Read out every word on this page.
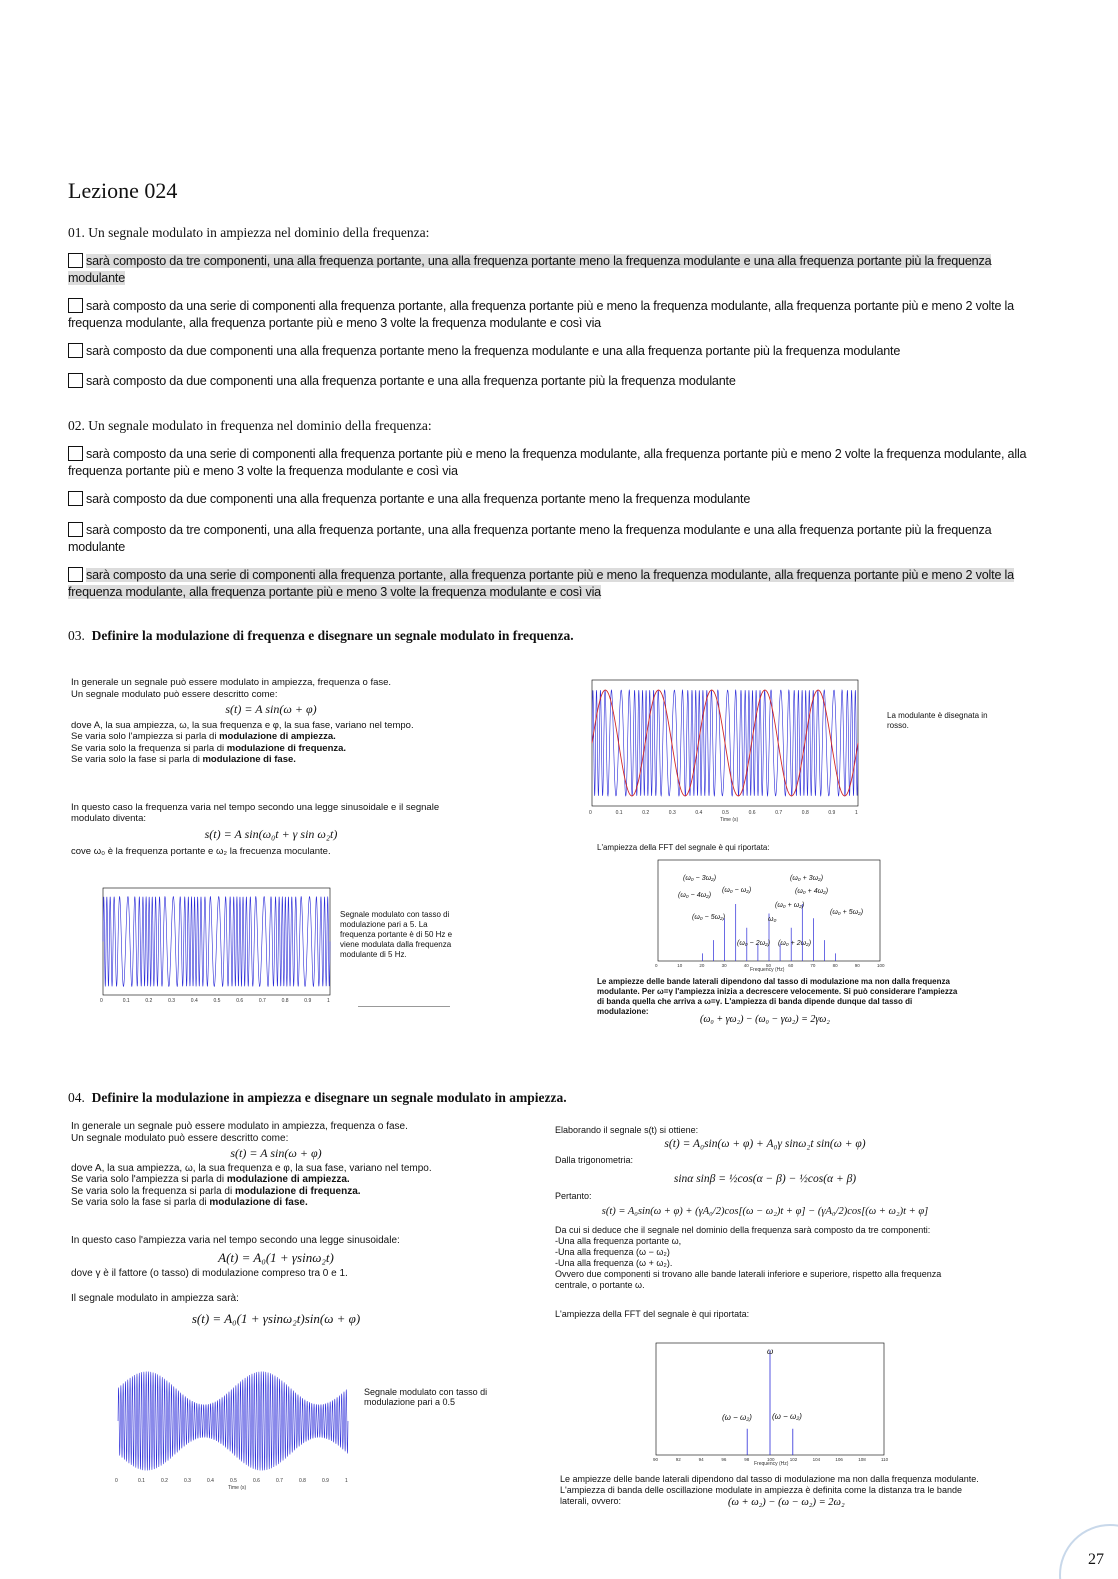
Lezione 024
01. Un segnale modulato in ampiezza nel dominio della frequenza:
sarà composto da tre componenti, una alla frequenza portante, una alla frequenza portante meno la frequenza modulante e una alla frequenza portante più la frequenza modulante
sarà composto da una serie di componenti alla frequenza portante, alla frequenza portante più e meno la frequenza modulante, alla frequenza portante più e meno 2 volte la frequenza modulante, alla frequenza portante più e meno 3 volte la frequenza modulante e così via
sarà composto da due componenti una alla frequenza portante meno la frequenza modulante e una alla frequenza portante più la frequenza modulante
sarà composto da due componenti una alla frequenza portante e una alla frequenza portante più la frequenza modulante
02. Un segnale modulato in frequenza nel dominio della frequenza:
sarà composto da una serie di componenti alla frequenza portante più e meno la frequenza modulante, alla frequenza portante più e meno 2 volte la frequenza modulante, alla frequenza portante più e meno 3 volte la frequenza modulante e così via
sarà composto da due componenti una alla frequenza portante e una alla frequenza portante meno la frequenza modulante
sarà composto da tre componenti, una alla frequenza portante, una alla frequenza portante meno la frequenza modulante e una alla frequenza portante più la frequenza modulante
sarà composto da una serie di componenti alla frequenza portante, alla frequenza portante più e meno la frequenza modulante, alla frequenza portante più e meno 2 volte la frequenza modulante, alla frequenza portante più e meno 3 volte la frequenza modulante e così via
03. Definire la modulazione di frequenza e disegnare un segnale modulato in frequenza.
In generale un segnale può essere modulato in ampiezza, frequenza o fase.
Un segnale modulato può essere descritto come:
s(t) = A sin(ω + φ)
dove A, la sua ampiezza, ω, la sua frequenza e φ, la sua fase, variano nel tempo.
Se varia solo l'ampiezza si parla di modulazione di ampiezza.
Se varia solo la frequenza si parla di modulazione di frequenza.
Se varia solo la fase si parla di modulazione di fase.
In questo caso la frequenza varia nel tempo secondo una legge sinusoidale e il segnale modulato diventa:
s(t) = A sin(ω₀t + γ sin ω₂t)
cove ω₀ è la frequenza portante e ω₂ la frecuenza moculante.
0	0.1	0.2	0.3	0.4	0.5	0.6	0.7	0.8	0.9	1
Segnale modulato con tasso di modulazione pari a 5. La frequenza portante è di 50 Hz e viene modulata dalla frequenza modulante di 5 Hz.
0	0.1	0.2	0.3	0.4	0.5	0.6	0.7	0.8	0.9	1
Time (s)
La modulante è disegnata in rosso.
L'ampiezza della FFT del segnale è qui riportata:
(ω₀ − 3ω₂)	(ω₀ + 3ω₂)
(ω₀ − 4ω₂)
(ω₀ − ω₂)	(ω₀ + 4ω₂)
(ω₀ + ω₂)
(ω₀ − 5ω₂)
(ω₀ + 5ω₂)
ω₀
(ω₀ − 2ω₂) (ω₀ + 2ω₂)
0	10	20	30	40	50	60	70	80	90	100
Frequency (Hz)
Le ampiezze delle bande laterali dipendono dal tasso di modulazione ma non dalla frequenza modulante. Per ω=γ l'ampiezza inizia a decrescere velocemente. Si può considerare l'ampiezza di banda quella che arriva a ω=γ. L'ampiezza di banda dipende dunque dal tasso di modulazione:
(ω₀ + γω₂) − (ω₀ − γω₂) = 2γω₂
04. Definire la modulazione in ampiezza e disegnare un segnale modulato in ampiezza.
In generale un segnale può essere modulato in ampiezza, frequenza o fase.
Un segnale modulato può essere descritto come:
s(t) = A sin(ω + φ)
dove A, la sua ampiezza, ω, la sua frequenza e φ, la sua fase, variano nel tempo.
Se varia solo l'ampiezza si parla di modulazione di ampiezza.
Se varia solo la frequenza si parla di modulazione di frequenza.
Se varia solo la fase si parla di modulazione di fase.
In questo caso l'ampiezza varia nel tempo secondo una legge sinusoidale:
A(t) = A₀(1 + γsinω₂t)
dove γ è il fattore (o tasso) di modulazione compreso tra 0 e 1.
Il segnale modulato in ampiezza sarà:
s(t) = A₀(1 + γsinω₂t)sin(ω + φ)
0	0.1	0.2	0.3	0.4	0.5	0.6	0.7	0.8	0.9	1
Time (s)
Segnale modulato con tasso di modulazione pari a 0.5
Elaborando il segnale s(t) si ottiene:
s(t) = A₀sin(ω + φ) + A₀γ sinω₂t sin(ω + φ)
Dalla trigonometria:
sinα sinβ = ½cos(α − β) − ½cos(α + β)
Pertanto:
s(t) = A₀sin(ω + φ) + (γA₀/2)cos[(ω − ω₂)t + φ] − (γA₀/2)cos[(ω + ω₂)t + φ]
Da cui si deduce che il segnale nel dominio della frequenza sarà composto da tre componenti:
-Una alla frequenza portante ω,
-Una alla frequenza (ω − ω₂)
-Una alla frequenza (ω + ω₂).
Ovvero due componenti si trovano alle bande laterali inferiore e superiore, rispetto alla frequenza centrale, o portante ω.
L'ampiezza della FFT del segnale è qui riportata:
90	92	94	96	98	100	102	104	106	108	110
ω
(ω − ω₂)	(ω − ω₂)
Frequency (Hz)
Le ampiezze delle bande laterali dipendono dal tasso di modulazione ma non dalla frequenza modulante. L'ampiezza di banda delle oscillazione modulate in ampiezza è definita come la distanza tra le bande laterali, ovvero:	(ω + ω₂) − (ω − ω₂) = 2ω₂
27
